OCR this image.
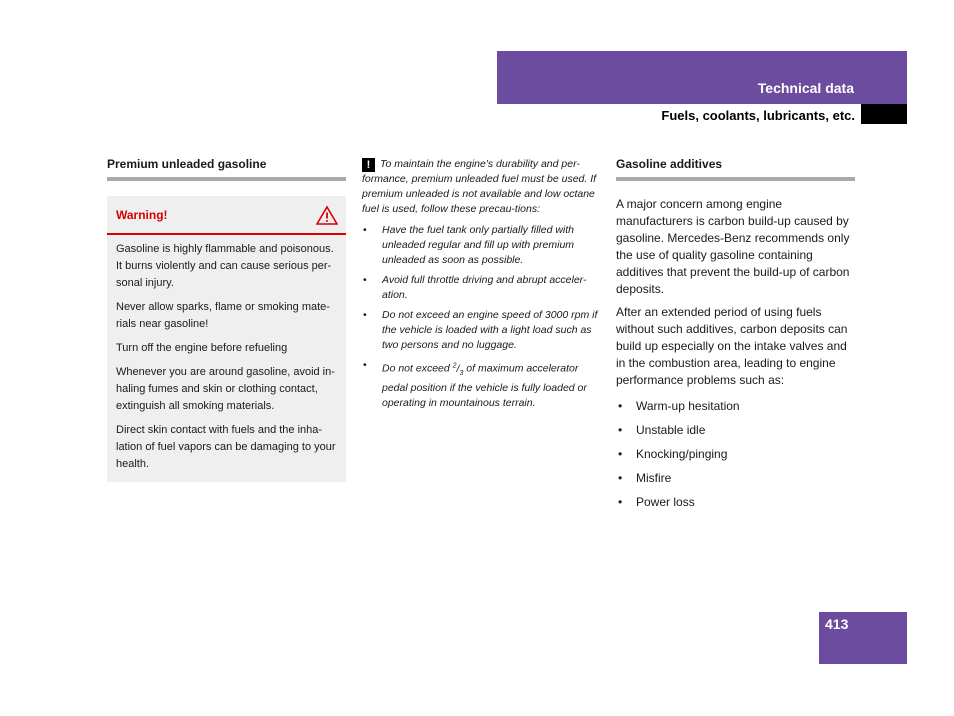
Technical data
Fuels, coolants, lubricants, etc.
Premium unleaded gasoline
Warning!

Gasoline is highly flammable and poisonous. It burns violently and can cause serious per-sonal injury.

Never allow sparks, flame or smoking mate-rials near gasoline!

Turn off the engine before refueling

Whenever you are around gasoline, avoid in-haling fumes and skin or clothing contact, extinguish all smoking materials.

Direct skin contact with fuels and the inha-lation of fuel vapors can be damaging to your health.

! To maintain the engine's durability and per-formance, premium unleaded fuel must be used. If premium unleaded is not available and low octane fuel is used, follow these precau-tions:
• Have the fuel tank only partially filled with unleaded regular and fill up with premium unleaded as soon as possible.
• Avoid full throttle driving and abrupt acceler-ation.
• Do not exceed an engine speed of 3000 rpm if the vehicle is loaded with a light load such as two persons and no luggage.
• Do not exceed $^2/_3$ of maximum accelerator pedal position if the vehicle is fully loaded or operating in mountainous terrain.
Gasoline additives

A major concern among engine manufacturers is carbon build-up caused by gasoline. Mercedes-Benz recommends only the use of quality gasoline containing additives that prevent the build-up of carbon deposits.

After an extended period of using fuels without such additives, carbon deposits can build up especially on the intake valves and in the combustion area, leading to engine performance problems such as:

• Warm-up hesitation
• Unstable idle
• Knocking/pinging
• Misfire
• Power loss
413
